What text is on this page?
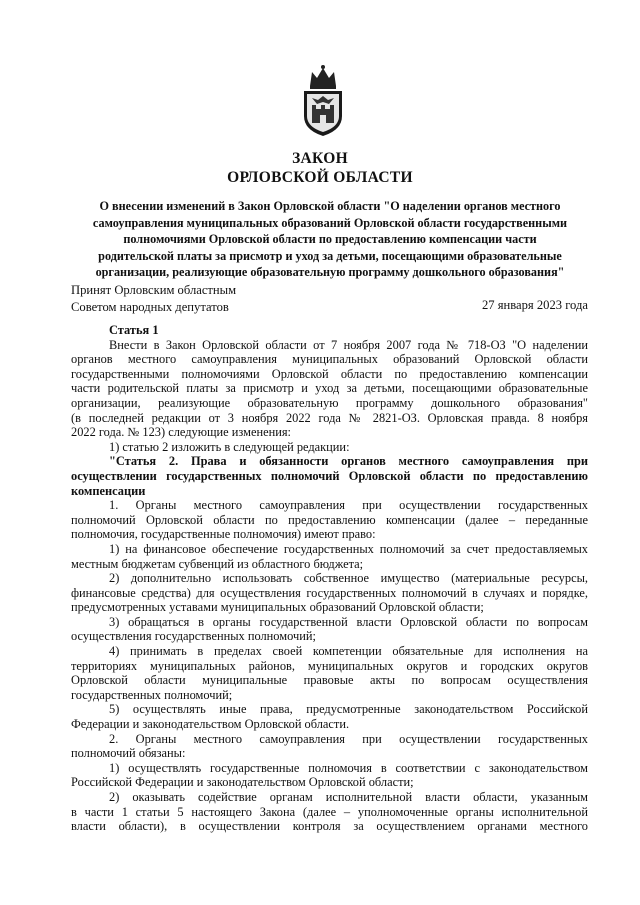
ЗАКОН
ОРЛОВСКОЙ ОБЛАСТИ
О внесении изменений в Закон Орловской области "О наделении органов местного
самоуправления муниципальных образований Орловской области государственными
полномочиями Орловской области по предоставлению компенсации части
родительской платы за присмотр и уход за детьми, посещающими образовательные
организации, реализующие образовательную программу дошкольного образования"
Принят Орловским областным
Советом народных депутатов	27 января 2023 года
Статья 1
Внести в Закон Орловской области от 7 ноября 2007 года № 718-ОЗ "О наделении
органов местного самоуправления муниципальных образований Орловской области
государственными полномочиями Орловской области по предоставлению компенсации
части родительской платы за присмотр и уход за детьми, посещающими образовательные
организации, реализующие образовательную программу дошкольного образования"
(в последней редакции от 3 ноября 2022 года № 2821-ОЗ. Орловская правда. 8 ноября
2022 года. № 123) следующие изменения:
1) статью 2 изложить в следующей редакции:
"Статья 2. Права и обязанности органов местного самоуправления при
осуществлении государственных полномочий Орловской области по предоставлению
компенсации
1. Органы местного самоуправления при осуществлении государственных
полномочий Орловской области по предоставлению компенсации (далее – переданные
полномочия, государственные полномочия) имеют право:
1) на финансовое обеспечение государственных полномочий за счет предоставляемых
местным бюджетам субвенций из областного бюджета;
2) дополнительно использовать собственное имущество (материальные ресурсы,
финансовые средства) для осуществления государственных полномочий в случаях и порядке,
предусмотренных уставами муниципальных образований Орловской области;
3) обращаться в органы государственной власти Орловской области по вопросам
осуществления государственных полномочий;
4) принимать в пределах своей компетенции обязательные для исполнения на
территориях муниципальных районов, муниципальных округов и городских округов
Орловской области муниципальные правовые акты по вопросам осуществления
государственных полномочий;
5) осуществлять иные права, предусмотренные законодательством Российской
Федерации и законодательством Орловской области.
2. Органы местного самоуправления при осуществлении государственных
полномочий обязаны:
1) осуществлять государственные полномочия в соответствии с законодательством
Российской Федерации и законодательством Орловской области;
2) оказывать содействие органам исполнительной власти области, указанным
в части 1 статьи 5 настоящего Закона (далее – уполномоченные органы исполнительной
власти области), в осуществлении контроля за осуществлением органами местного
